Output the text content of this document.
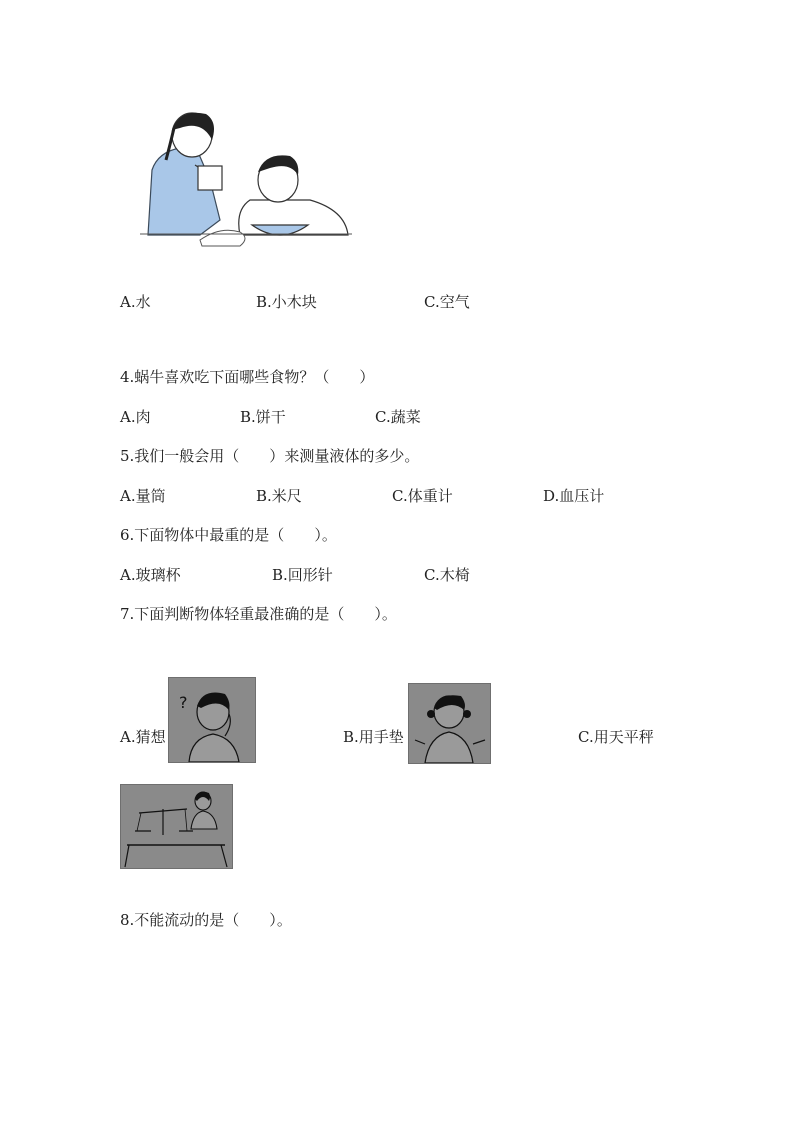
A.水	B.小木块	C.空气
4.蜗牛喜欢吃下面哪些食物？（　　）
A.肉	B.饼干	C.蔬菜
5.我们一般会用（　　）来测量液体的多少。
A.量筒	B.米尺	C.体重计	D.血压计
6.下面物体中最重的是（　　）。
A.玻璃杯	B.回形针	C.木椅
7.下面判断物体轻重最准确的是（　　）。
A.猜想
?
B.用手垫	C.用天平秤
8.不能流动的是（　　）。
